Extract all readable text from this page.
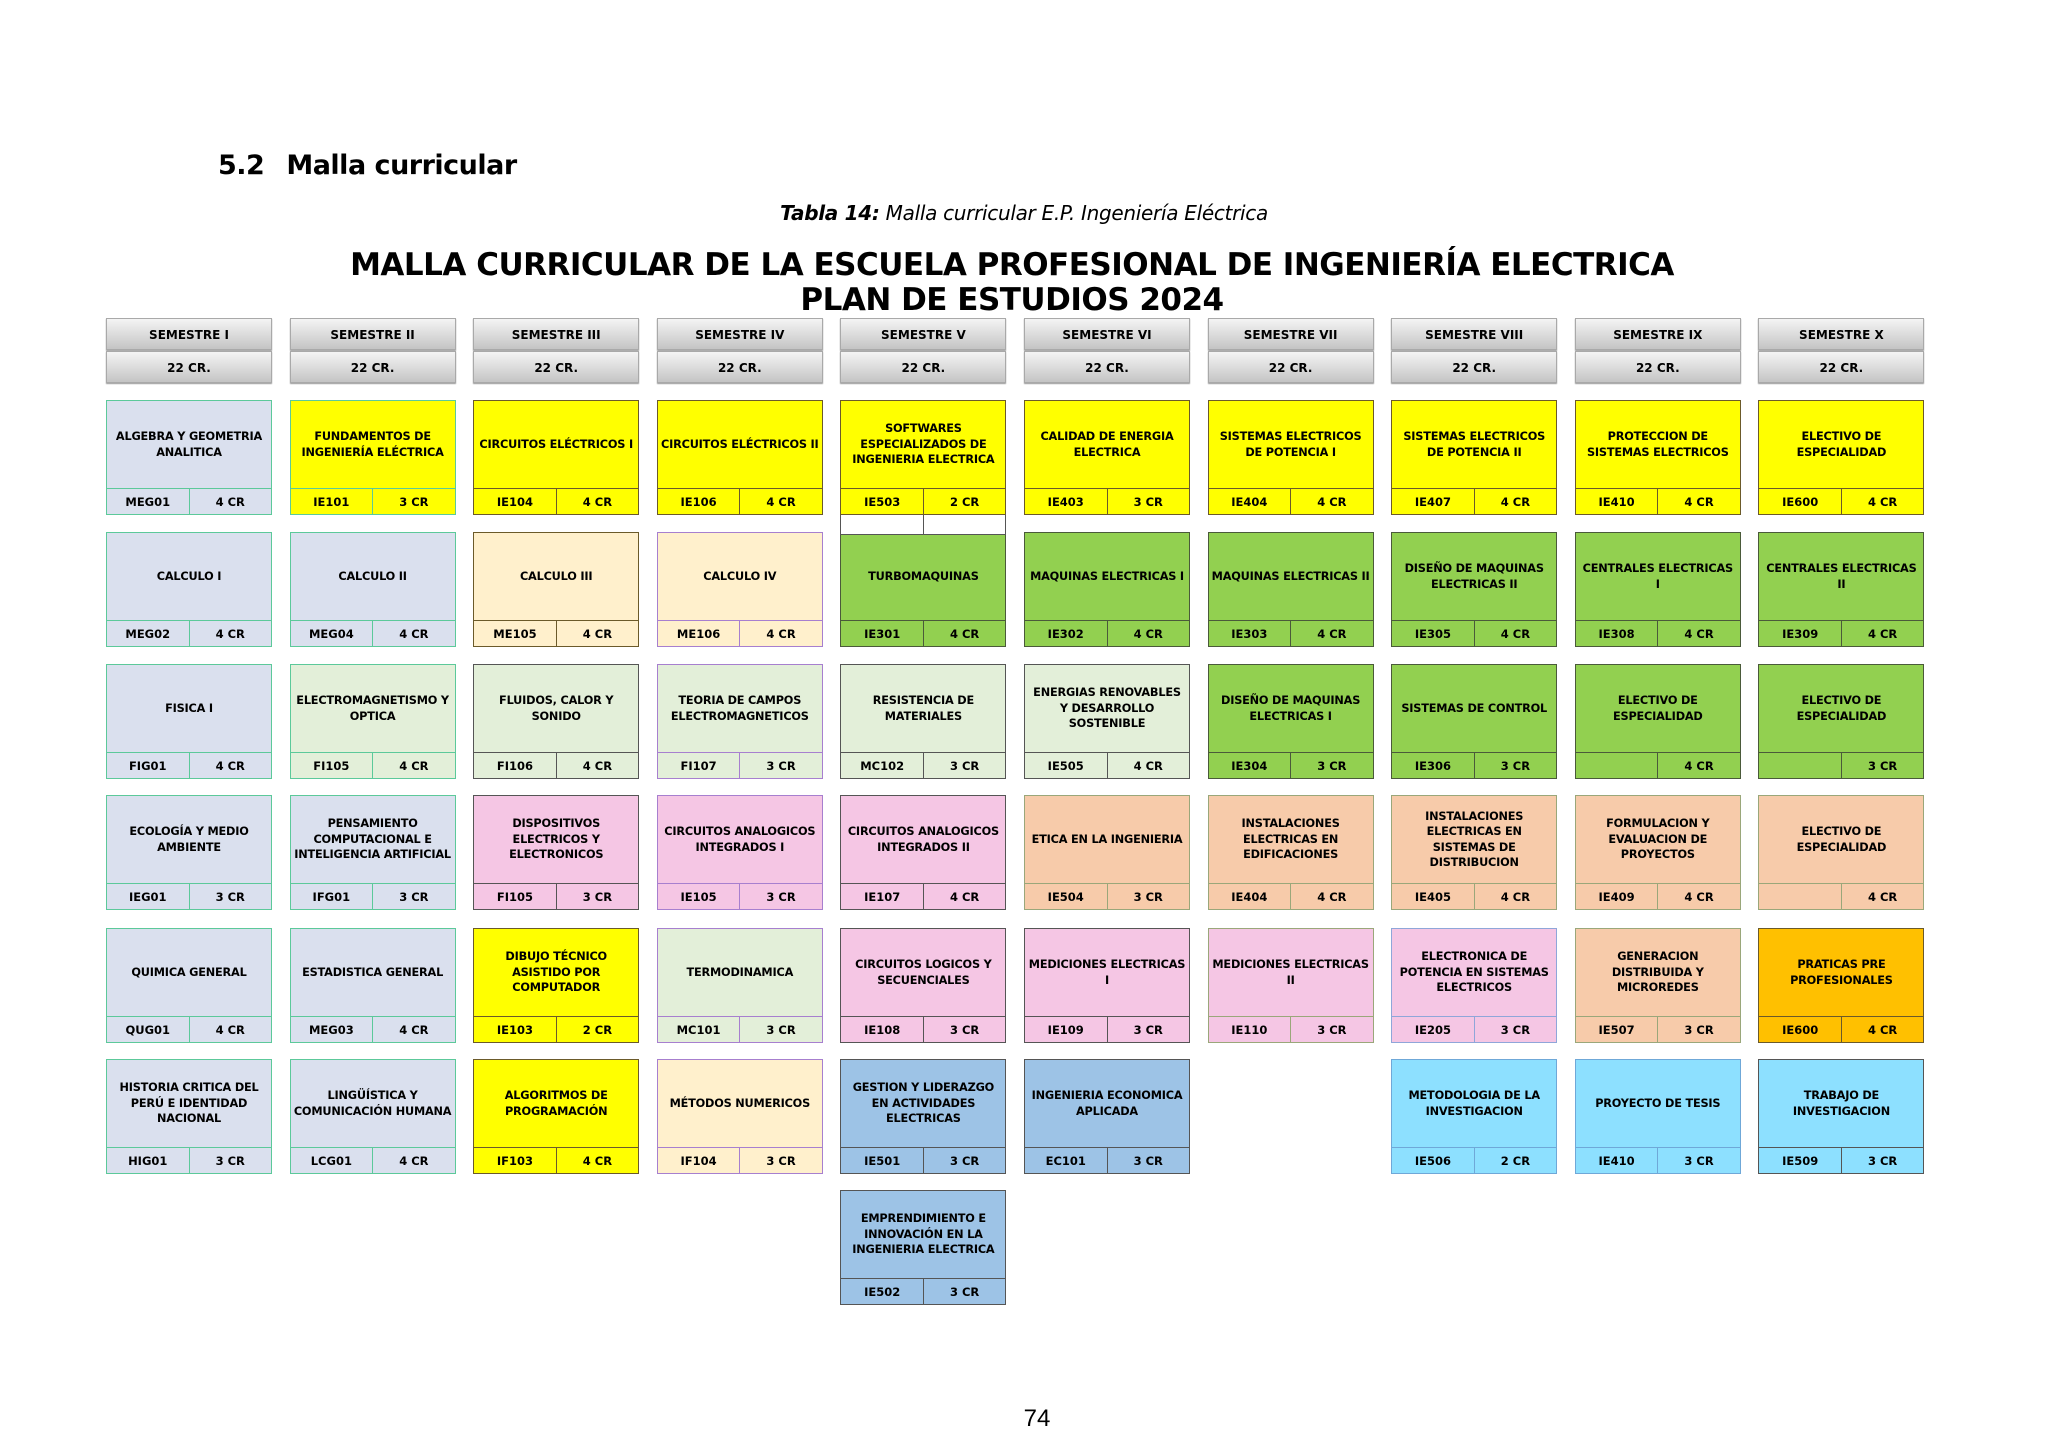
5.2 Malla curricular
Tabla 14: Malla curricular E.P. Ingeniería Eléctrica
MALLA CURRICULAR DE LA ESCUELA PROFESIONAL DE INGENIERÍA ELECTRICA
PLAN DE ESTUDIOS 2024
SEMESTRE I
22 CR.
SEMESTRE II
22 CR.
SEMESTRE III
22 CR.
SEMESTRE IV
22 CR.
SEMESTRE V
22 CR.
SEMESTRE VI
22 CR.
SEMESTRE VII
22 CR.
SEMESTRE VIII
22 CR.
SEMESTRE IX
22 CR.
SEMESTRE X
22 CR.
ALGEBRA Y GEOMETRIA ANALITICA
MEG01	4 CR
FUNDAMENTOS DE INGENIERÍA ELÉCTRICA
IE101	3 CR
CIRCUITOS ELÉCTRICOS I
IE104	4 CR
CIRCUITOS ELÉCTRICOS II
IE106	4 CR
SOFTWARES ESPECIALIZADOS DE INGENIERIA ELECTRICA
IE503	2 CR
CALIDAD DE ENERGIA ELECTRICA
IE403	3 CR
SISTEMAS ELECTRICOS DE POTENCIA I
IE404	4 CR
SISTEMAS ELECTRICOS DE POTENCIA II
IE407	4 CR
PROTECCION DE SISTEMAS ELECTRICOS
IE410	4 CR
ELECTIVO DE ESPECIALIDAD
IE600	4 CR
CALCULO I
MEG02	4 CR
CALCULO II
MEG04	4 CR
CALCULO III
ME105	4 CR
CALCULO IV
ME106	4 CR
TURBOMAQUINAS
IE301	4 CR
MAQUINAS ELECTRICAS I
IE302	4 CR
MAQUINAS ELECTRICAS II
IE303	4 CR
DISEÑO DE MAQUINAS ELECTRICAS II
IE305	4 CR
CENTRALES ELECTRICAS I
IE308	4 CR
CENTRALES ELECTRICAS II
IE309	4 CR
FISICA I
FIG01	4 CR
ELECTROMAGNETISMO Y OPTICA
FI105	4 CR
FLUIDOS, CALOR Y SONIDO
FI106	4 CR
TEORIA DE CAMPOS ELECTROMAGNETICOS
FI107	3 CR
RESISTENCIA DE MATERIALES
MC102	3 CR
ENERGIAS RENOVABLES Y DESARROLLO SOSTENIBLE
IE505	4 CR
DISEÑO DE MAQUINAS ELECTRICAS I
IE304	3 CR
SISTEMAS DE CONTROL
IE306	3 CR
ELECTIVO DE ESPECIALIDAD
4 CR
ELECTIVO DE ESPECIALIDAD
3 CR
ECOLOGÍA Y MEDIO AMBIENTE
IEG01	3 CR
PENSAMIENTO COMPUTACIONAL E INTELIGENCIA ARTIFICIAL
IFG01	3 CR
DISPOSITIVOS ELECTRICOS Y ELECTRONICOS
FI105	3 CR
CIRCUITOS ANALOGICOS INTEGRADOS I
IE105	3 CR
CIRCUITOS ANALOGICOS INTEGRADOS II
IE107	4 CR
ETICA EN LA INGENIERIA
IE504	3 CR
INSTALACIONES ELECTRICAS EN EDIFICACIONES
IE404	4 CR
INSTALACIONES ELECTRICAS EN SISTEMAS DE DISTRIBUCION
IE405	4 CR
FORMULACION Y EVALUACION DE PROYECTOS
IE409	4 CR
ELECTIVO DE ESPECIALIDAD
4 CR
QUIMICA GENERAL
QUG01	4 CR
ESTADISTICA GENERAL
MEG03	4 CR
DIBUJO TÉCNICO ASISTIDO POR COMPUTADOR
IE103	2 CR
TERMODINAMICA
MC101	3 CR
CIRCUITOS LOGICOS Y SECUENCIALES
IE108	3 CR
MEDICIONES ELECTRICAS I
IE109	3 CR
MEDICIONES ELECTRICAS II
IE110	3 CR
ELECTRONICA DE POTENCIA EN SISTEMAS ELECTRICOS
IE205	3 CR
GENERACION DISTRIBUIDA Y MICROREDES
IE507	3 CR
PRATICAS PRE PROFESIONALES
IE600	4 CR
HISTORIA CRITICA DEL PERÚ E IDENTIDAD NACIONAL
HIG01	3 CR
LINGÜÍSTICA Y COMUNICACIÓN HUMANA
LCG01	4 CR
ALGORITMOS DE PROGRAMACIÓN
IF103	4 CR
MÉTODOS NUMERICOS
IF104	3 CR
GESTION Y LIDERAZGO EN ACTIVIDADES ELECTRICAS
IE501	3 CR
INGENIERIA ECONOMICA APLICADA
EC101	3 CR
METODOLOGIA DE LA INVESTIGACION
IE506	2 CR
PROYECTO DE TESIS
IE410	3 CR
TRABAJO DE INVESTIGACION
IE509	3 CR
EMPRENDIMIENTO E INNOVACIÓN EN LA INGENIERIA ELECTRICA
IE502	3 CR
74
